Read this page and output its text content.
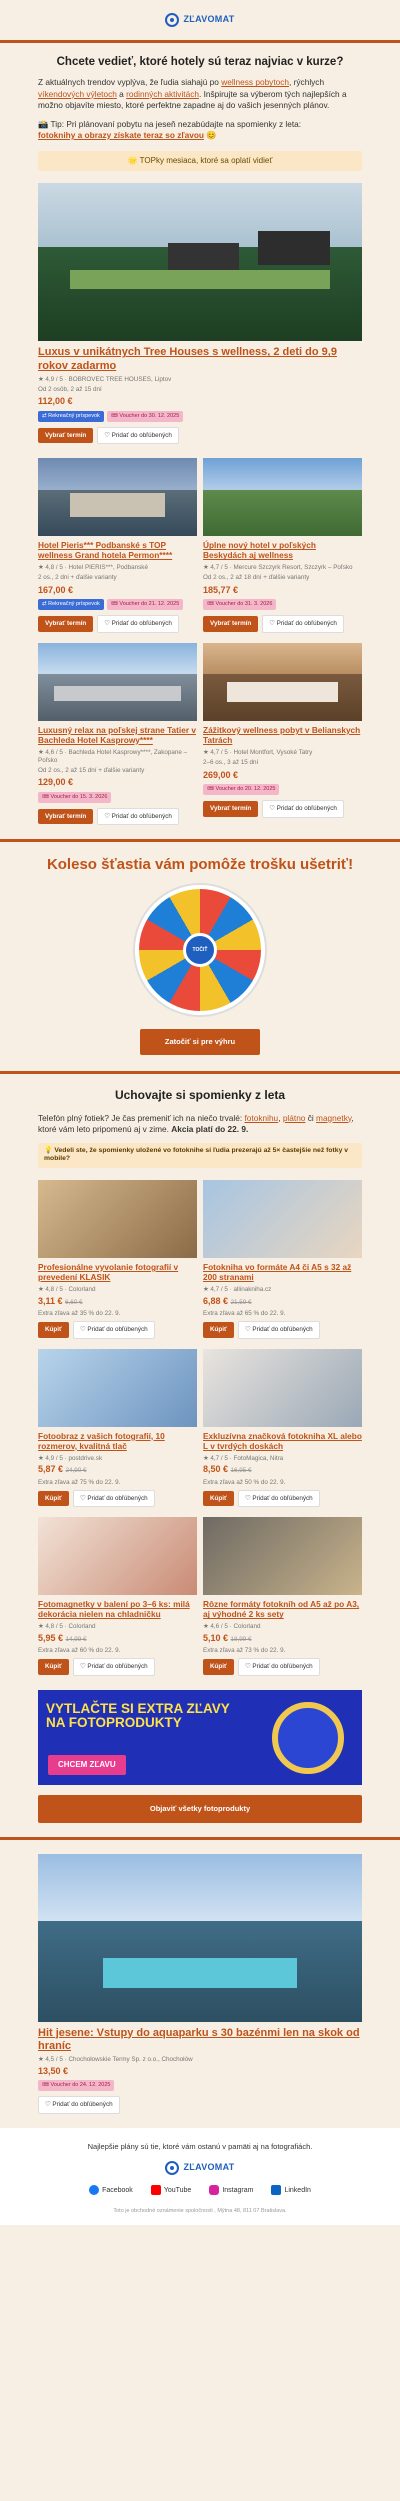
ZĽAVOMAT
Chcete vedieť, ktoré hotely sú teraz najviac v kurze?

Z aktuálnych trendov vyplýva, že ľudia siahajú po wellness pobytoch, rýchlych víkendových výletoch a rodinných aktivitách. Inšpirujte sa výberom tých najlepších a možno objavíte miesto, ktoré perfektne zapadne aj do vašich jesenných plánov.

📸 Tip: Pri plánovaní pobytu na jeseň nezabúdajte na spomienky z leta:
fotoknihy a obrazy získate teraz so zľavou 😊

🌟 TOPky mesiaca, ktoré sa oplatí vidieť
Luxus v unikátnych Tree Houses s wellness, 2 deti do 9,9 rokov zadarmo
★ 4,9 / 5 · BOBROVEC TREE HOUSES, Liptov
Od 2 osôb, 2 až 15 dní
112,00 €
⇄ Rekreačný príspevok	🎟 Voucher do 30. 12. 2025
Vybrať termín	♡ Pridať do obľúbených
Hotel Pieris*** Podbanské s TOP wellness Grand hotela Permon****
★ 4,8 / 5 · Hotel PIERIS***, Podbanské
2 os., 2 dni + ďalšie varianty
167,00 €
⇄ Rekreačný príspevok	🎟 Voucher do 21. 12. 2025
Vybrať termín	♡ Pridať do obľúbených
Úplne nový hotel v poľských Beskydách aj wellness
★ 4,7 / 5 · Mercure Szczyrk Resort, Szczyrk – Poľsko
Od 2 os., 2 až 18 dní + ďalšie varianty
185,77 €
🎟 Voucher do 31. 3. 2026
Vybrať termín	♡ Pridať do obľúbených
Luxusný relax na poľskej strane Tatier v Bachleda Hotel Kasprowy****
★ 4,6 / 5 · Bachleda Hotel Kasprowy****, Zakopane – Poľsko
Od 2 os., 2 až 15 dní + ďalšie varianty
129,00 €
🎟 Voucher do 15. 3. 2026
Vybrať termín	♡ Pridať do obľúbených
Zážitkový wellness pobyt v Belianskych Tatrách
★ 4,7 / 5 · Hotel Montfort, Vysoké Tatry
2–6 os., 3 až 15 dní
269,00 €
🎟 Voucher do 20. 12. 2025
Vybrať termín	♡ Pridať do obľúbených
Koleso šťastia vám pomôže trošku ušetriť!
TOČIŤ
Zatočiť si pre výhru
Uchovajte si spomienky z leta

Telefón plný fotiek? Je čas premeniť ich na niečo trvalé: fotoknihu, plátno či magnetky, ktoré vám leto pripomenú aj v zime. Akcia platí do 22. 9.

💡 Vedeli ste, že spomienky uložené vo fotoknihe si ľudia prezerajú až 5× častejšie než fotky v mobile?
Profesionálne vyvolanie fotografií v prevedení KLASIK
★ 4,8 / 5 · Colorland
3,11 € 6,60 €
Extra zľava až 35 % do 22. 9.
Kúpiť	♡ Pridať do obľúbených
Fotokniha vo formáte A4 či A5 s 32 až 200 stranami
★ 4,7 / 5 · allinakniha.cz
6,88 € 21,59 €
Extra zľava až 65 % do 22. 9.
Kúpiť	♡ Pridať do obľúbených
Fotoobraz z vašich fotografií, 10 rozmerov, kvalitná tlač
★ 4,9 / 5 · postdrive.sk
5,87 € 24,90 €
Extra zľava až 75 % do 22. 9.
Kúpiť	♡ Pridať do obľúbených
Exkluzívna značková fotokniha XL alebo L v tvrdých doskách
★ 4,7 / 5 · FotoMagica, Nitra
8,50 € 16,95 €
Extra zľava až 50 % do 22. 9.
Kúpiť	♡ Pridať do obľúbených
Fotomagnetky v balení po 3–6 ks: milá dekorácia nielen na chladničku
★ 4,8 / 5 · Colorland
5,95 € 14,99 €
Extra zľava až 60 % do 22. 9.
Kúpiť	♡ Pridať do obľúbených
Rôzne formáty fotokníh od A5 až po A3, aj výhodné 2 ks sety
★ 4,6 / 5 · Colorland
5,10 € 18,99 €
Extra zľava až 73 % do 22. 9.
Kúpiť	♡ Pridať do obľúbených
VYTLAČTE SI EXTRA ZĽAVY NA FOTOPRODUKTY
CHCEM ZĽAVU
Objaviť všetky fotoprodukty
Hit jesene: Vstupy do aquaparku s 30 bazénmi len na skok od hraníc
★ 4,5 / 5 · Chochołowskie Termy Sp. z o.o., Chochołów
13,50 €
🎟 Voucher do 24. 12. 2025
♡ Pridať do obľúbených
Najlepšie plány sú tie, ktoré vám ostanú v pamäti aj na fotografiách.
ZĽAVOMAT
Facebook	YouTube	Instagram	LinkedIn
Toto je obchodné oznámenie spoločnosti , Mýtna 48, 811 07 Bratislava.
